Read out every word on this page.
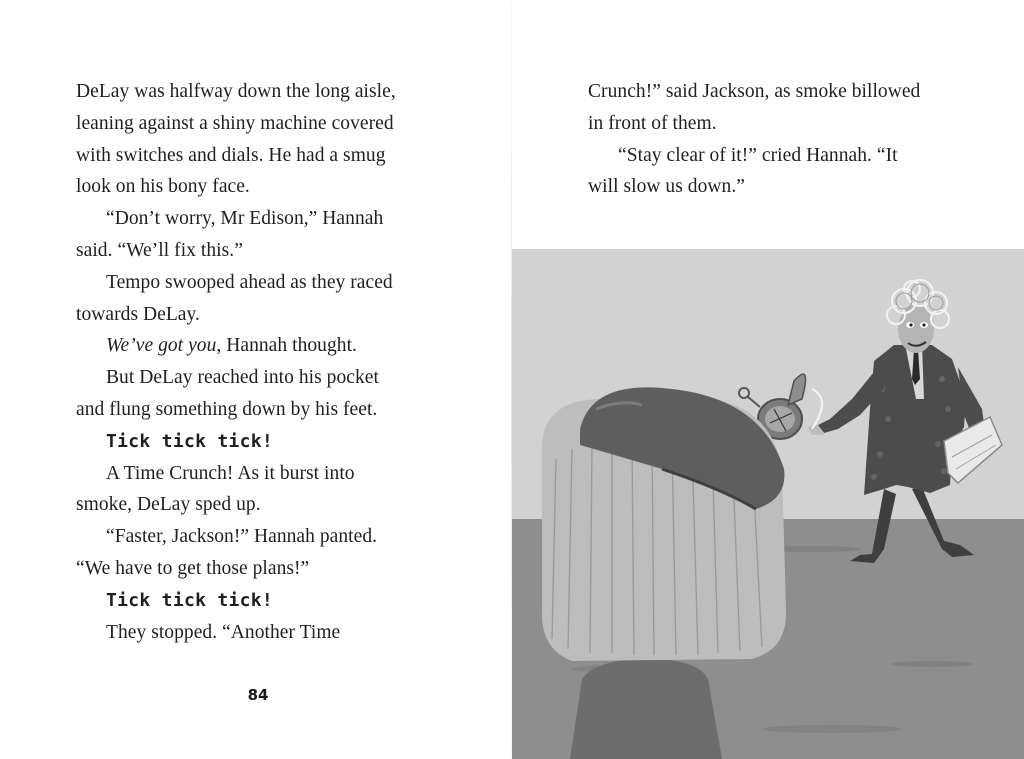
DeLay was halfway down the long aisle,
leaning against a shiny machine covered
with switches and dials. He had a smug
look on his bony face.
“Don’t worry, Mr Edison,” Hannah
said. “We’ll fix this.”
Tempo swooped ahead as they raced
towards DeLay.
We’ve got you, Hannah thought.
But DeLay reached into his pocket
and flung something down by his feet.
Tick tick tick!
A Time Crunch! As it burst into
smoke, DeLay sped up.
“Faster, Jackson!” Hannah panted.
“We have to get those plans!”
Tick tick tick!
They stopped. “Another Time
84
Crunch!” said Jackson, as smoke billowed
in front of them.
“Stay clear of it!” cried Hannah. “It
will slow us down.”
